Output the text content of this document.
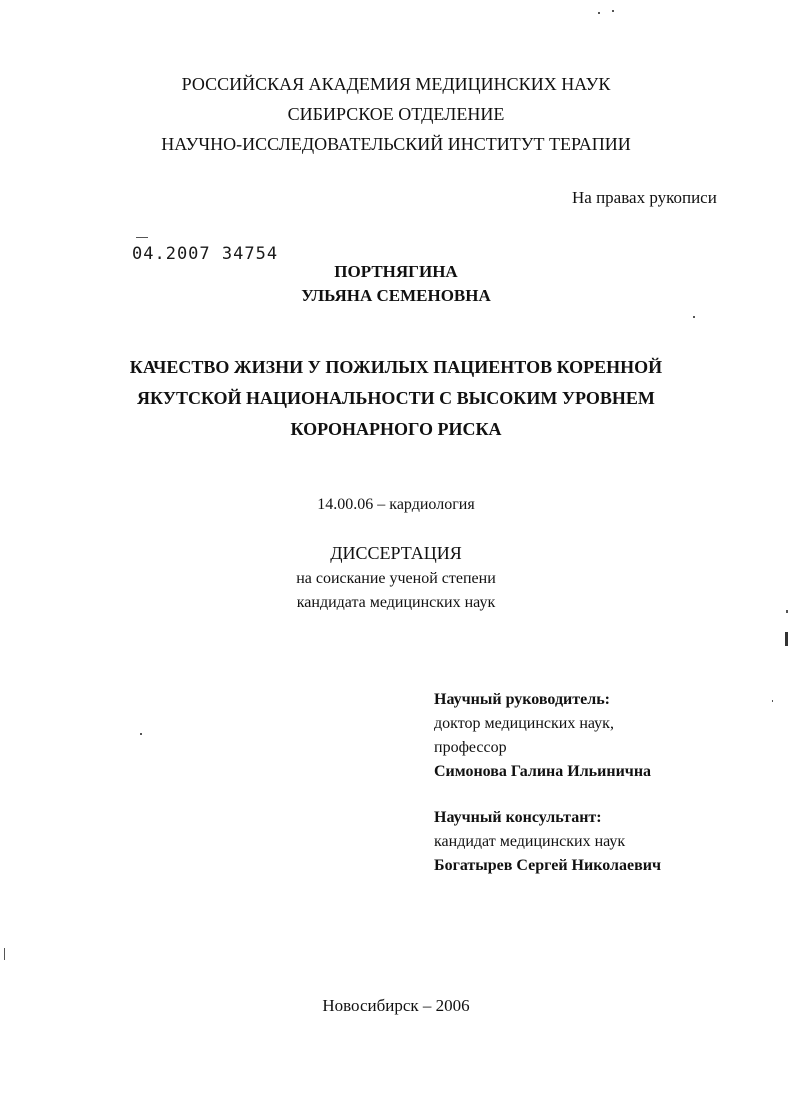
РОССИЙСКАЯ АКАДЕМИЯ МЕДИЦИНСКИХ НАУК
СИБИРСКОЕ ОТДЕЛЕНИЕ
НАУЧНО-ИССЛЕДОВАТЕЛЬСКИЙ ИНСТИТУТ ТЕРАПИИ
На правах рукописи
04.2007 34754
ПОРТНЯГИНА
УЛЬЯНА СЕМЕНОВНА
КАЧЕСТВО ЖИЗНИ У ПОЖИЛЫХ ПАЦИЕНТОВ КОРЕННОЙ
ЯКУТСКОЙ НАЦИОНАЛЬНОСТИ С ВЫСОКИМ УРОВНЕМ
КОРОНАРНОГО РИСКА
14.00.06 – кардиология
ДИССЕРТАЦИЯ
на соискание ученой степени
кандидата медицинских наук
Научный руководитель:
доктор медицинских наук,
профессор
Симонова Галина Ильинична
Научный консультант:
кандидат медицинских наук
Богатырев Сергей Николаевич
Новосибирск – 2006
